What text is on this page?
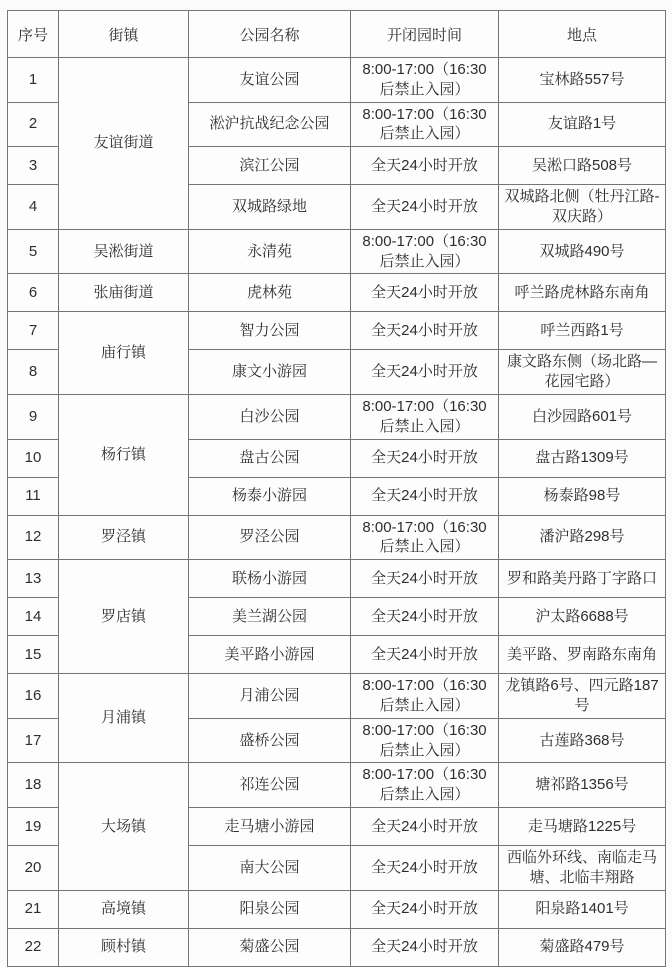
序号	街镇	公园名称	开闭园时间	地点
1	友谊街道	友谊公园	8:00-17:00（16:30后禁止入园）	宝林路557号
2		淞沪抗战纪念公园	8:00-17:00（16:30后禁止入园）	友谊路1号
3		滨江公园	全天24小时开放	吴淞口路508号
4		双城路绿地	全天24小时开放	双城路北侧（牡丹江路-双庆路）
5	吴淞街道	永清苑	8:00-17:00（16:30后禁止入园）	双城路490号
6	张庙街道	虎林苑	全天24小时开放	呼兰路虎林路东南角
7	庙行镇	智力公园	全天24小时开放	呼兰西路1号
8		康文小游园	全天24小时开放	康文路东侧（场北路—花园宅路）
9	杨行镇	白沙公园	8:00-17:00（16:30后禁止入园）	白沙园路601号
10		盘古公园	全天24小时开放	盘古路1309号
11		杨泰小游园	全天24小时开放	杨泰路98号
12	罗泾镇	罗泾公园	8:00-17:00（16:30后禁止入园）	潘沪路298号
13	罗店镇	联杨小游园	全天24小时开放	罗和路美丹路丁字路口
14		美兰湖公园	全天24小时开放	沪太路6688号
15		美平路小游园	全天24小时开放	美平路、罗南路东南角
16	月浦镇	月浦公园	8:00-17:00（16:30后禁止入园）	龙镇路6号、四元路187号
17		盛桥公园	8:00-17:00（16:30后禁止入园）	古莲路368号
18	大场镇	祁连公园	8:00-17:00（16:30后禁止入园）	塘祁路1356号
19		走马塘小游园	全天24小时开放	走马塘路1225号
20		南大公园	全天24小时开放	西临外环线、南临走马塘、北临丰翔路
21	高境镇	阳泉公园	全天24小时开放	阳泉路1401号
22	顾村镇	菊盛公园	全天24小时开放	菊盛路479号
